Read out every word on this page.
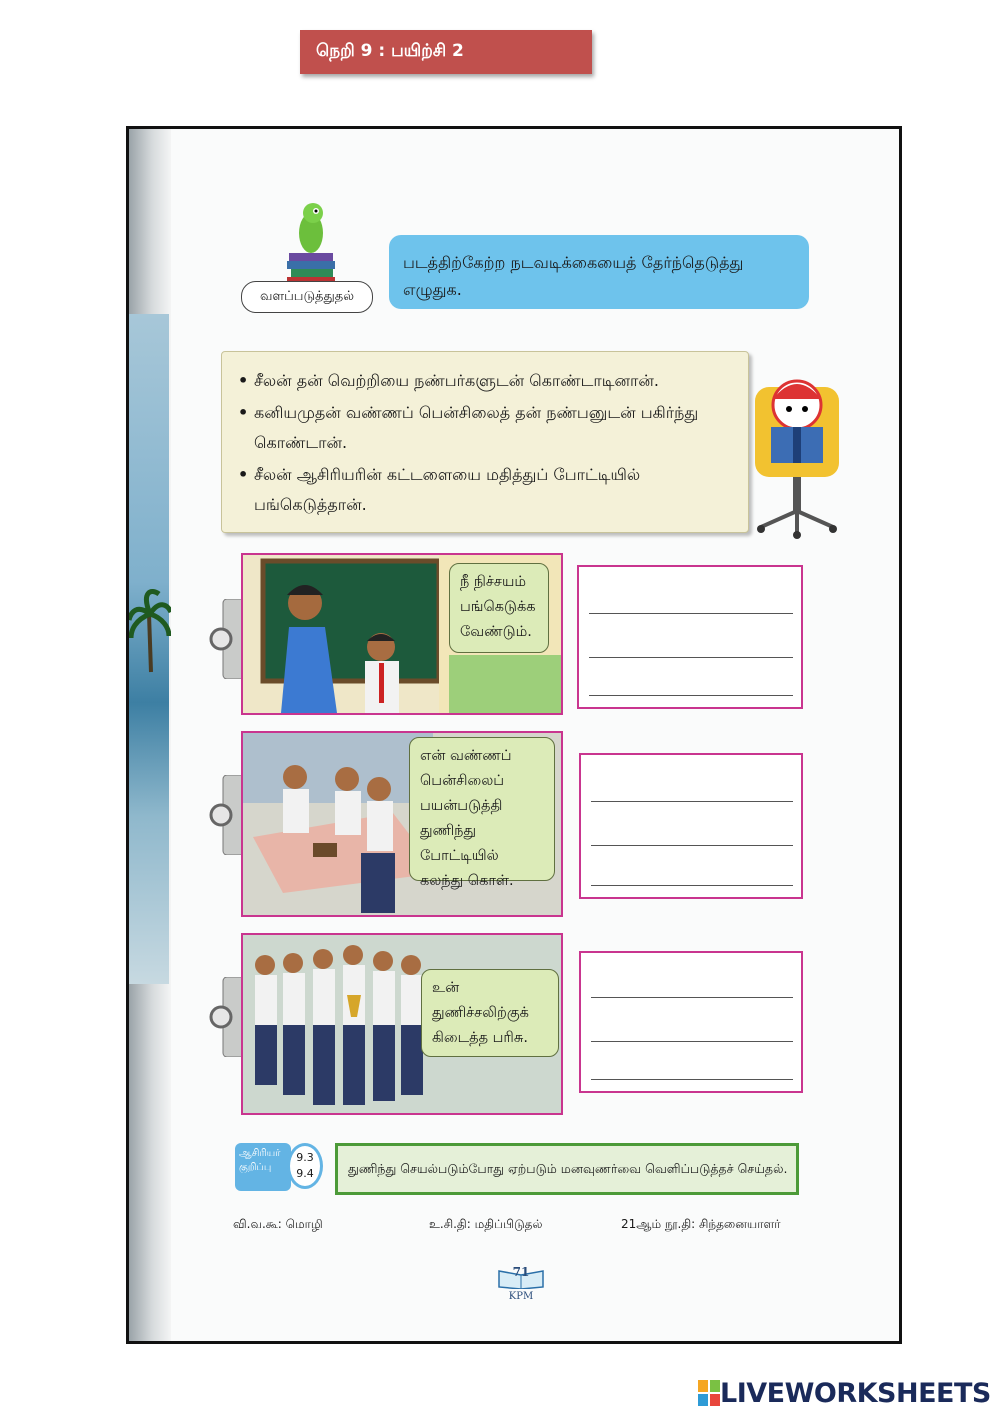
நெறி 9 : பயிற்சி 2
வளப்படுத்துதல்
படத்திற்கேற்ற நடவடிக்கையைத் தேர்ந்தெடுத்து எழுதுக.
• சீலன் தன் வெற்றியை நண்பர்களுடன் கொண்டாடினான்.
• கனியமுதன் வண்ணப் பென்சிலைத் தன் நண்பனுடன் பகிர்ந்து கொண்டான்.
• சீலன் ஆசிரியரின் கட்டளையை மதித்துப் போட்டியில் பங்கெடுத்தான்.
நீ நிச்சயம் பங்கெடுக்க வேண்டும்.
என் வண்ணப் பென்சிலைப் பயன்படுத்தி துணிந்து போட்டியில் கலந்து கொள்.
உன் துணிச்சலிற்குக் கிடைத்த பரிசு.
ஆசிரியர் குறிப்பு
9.3
9.4	துணிந்து செயல்படும்போது ஏற்படும் மனவுணர்வை வெளிப்படுத்தச் செய்தல்.
வி.வ.கூ: மொழி	உ.சி.தி: மதிப்பிடுதல்	21ஆம் நூ.தி: சிந்தனையாளர்
71
KPM
LIVEWORKSHEETS
